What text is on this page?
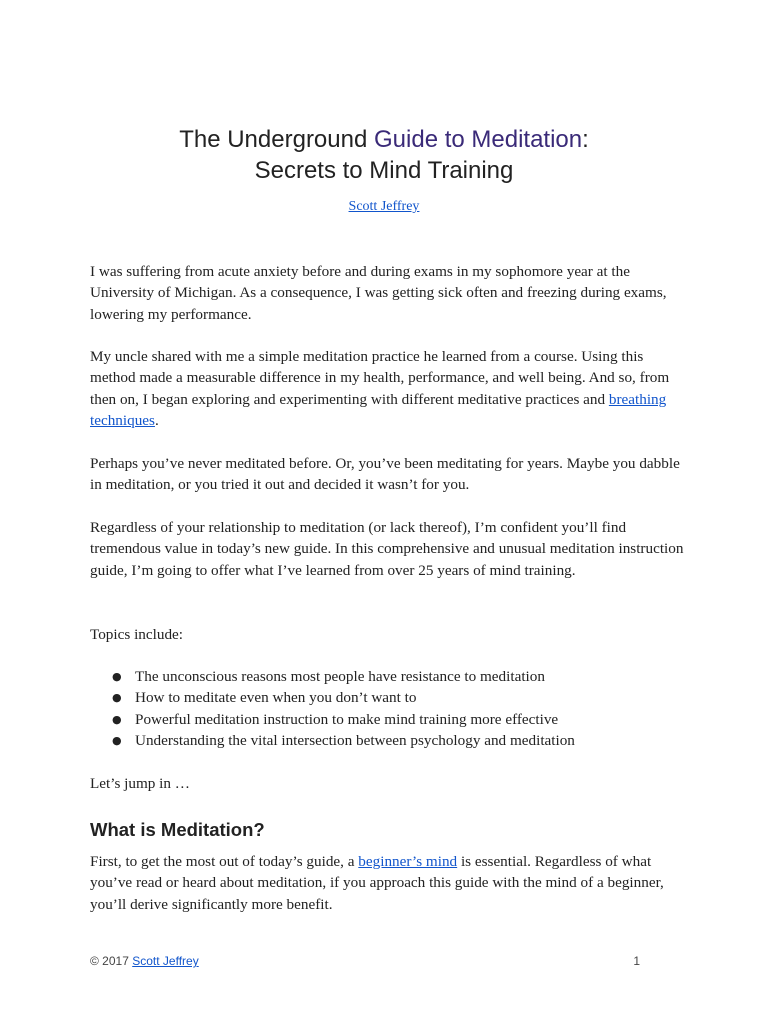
The Underground Guide to Meditation:
Secrets to Mind Training
Scott Jeffrey

I was suffering from acute anxiety before and during exams in my sophomore year at the University of Michigan. As a consequence, I was getting sick often and freezing during exams, lowering my performance.

My uncle shared with me a simple meditation practice he learned from a course. Using this method made a measurable difference in my health, performance, and well being. And so, from then on, I began exploring and experimenting with different meditative practices and breathing techniques.

Perhaps you’ve never meditated before. Or, you’ve been meditating for years. Maybe you dabble in meditation, or you tried it out and decided it wasn’t for you.

Regardless of your relationship to meditation (or lack thereof), I’m confident you’ll find tremendous value in today’s new guide. In this comprehensive and unusual meditation instruction guide, I’m going to offer what I’ve learned from over 25 years of mind training.

Topics include:

● The unconscious reasons most people have resistance to meditation
● How to meditate even when you don’t want to
● Powerful meditation instruction to make mind training more effective
● Understanding the vital intersection between psychology and meditation

Let’s jump in …

What is Meditation?

First, to get the most out of today’s guide, a beginner’s mind is essential. Regardless of what you’ve read or heard about meditation, if you approach this guide with the mind of a beginner, you’ll derive significantly more benefit.

© 2017 Scott Jeffrey	1
